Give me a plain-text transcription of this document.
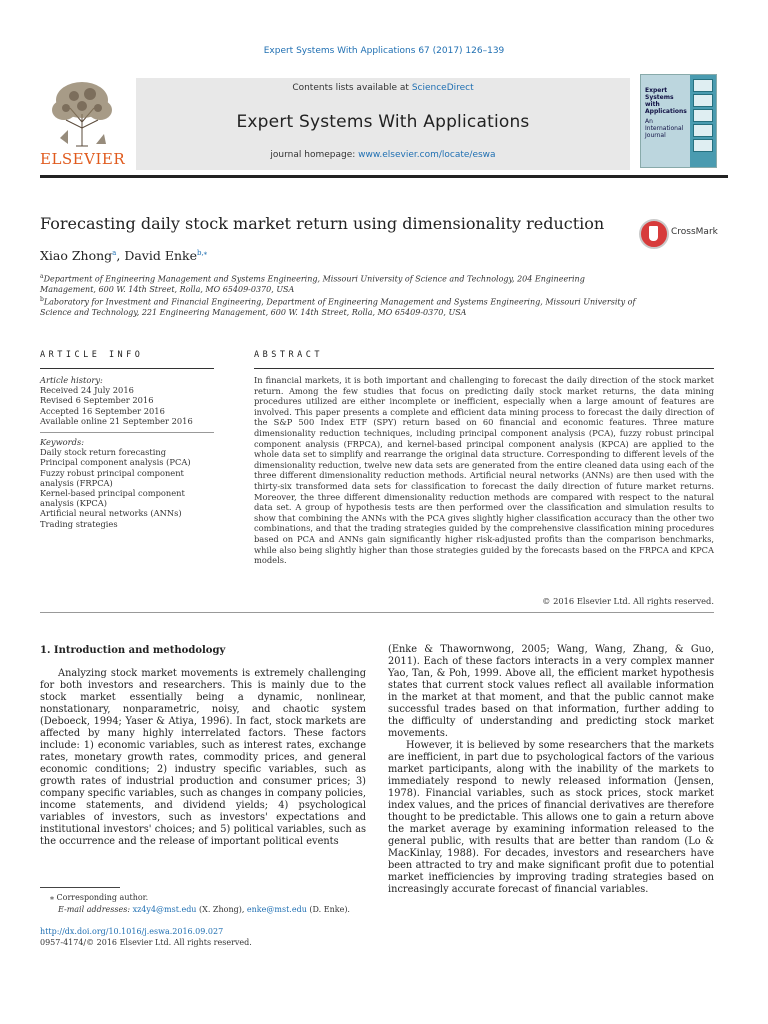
Expert Systems With Applications 67 (2017) 126–139
ELSEVIER
Contents lists available at ScienceDirect
Expert Systems With Applications
journal homepage: www.elsevier.com/locate/eswa
Expert Systems with Applications
An International Journal
Forecasting daily stock market return using dimensionality reduction	CrossMark
Xiao Zhong$^a$, David Enke$^{b,⁎}$
$^a$Department of Engineering Management and Systems Engineering, Missouri University of Science and Technology, 204 Engineering Management, 600 W. 14th Street, Rolla, MO 65409-0370, USA
$^b$Laboratory for Investment and Financial Engineering, Department of Engineering Management and Systems Engineering, Missouri University of Science and Technology, 221 Engineering Management, 600 W. 14th Street, Rolla, MO 65409-0370, USA
ARTICLE INFO	ABSTRACT
Article history:
Received 24 July 2016
Revised 6 September 2016
Accepted 16 September 2016
Available online 21 September 2016
Keywords:
Daily stock return forecasting
Principal component analysis (PCA)
Fuzzy robust principal component analysis (FRPCA)
Kernel-based principal component analysis (KPCA)
Artificial neural networks (ANNs)
Trading strategies
In financial markets, it is both important and challenging to forecast the daily direction of the stock market return. Among the few studies that focus on predicting daily stock market returns, the data mining procedures utilized are either incomplete or inefficient, especially when a large amount of features are involved. This paper presents a complete and efficient data mining process to forecast the daily direction of the S&P 500 Index ETF (SPY) return based on 60 financial and economic features. Three mature dimensionality reduction techniques, including principal component analysis (PCA), fuzzy robust principal component analysis (FRPCA), and kernel-based principal component analysis (KPCA) are applied to the whole data set to simplify and rearrange the original data structure. Corresponding to different levels of the dimensionality reduction, twelve new data sets are generated from the entire cleaned data using each of the three different dimensionality reduction methods. Artificial neural networks (ANNs) are then used with the thirty-six transformed data sets for classification to forecast the daily direction of future market returns. Moreover, the three different dimensionality reduction methods are compared with respect to the natural data set. A group of hypothesis tests are then performed over the classification and simulation results to show that combining the ANNs with the PCA gives slightly higher classification accuracy than the other two combinations, and that the trading strategies guided by the comprehensive classification mining procedures based on PCA and ANNs gain significantly higher risk-adjusted profits than the comparison benchmarks, while also being slightly higher than those strategies guided by the forecasts based on the FRPCA and KPCA models.
© 2016 Elsevier Ltd. All rights reserved.
1. Introduction and methodology
Analyzing stock market movements is extremely challenging for both investors and researchers. This is mainly due to the stock market essentially being a dynamic, nonlinear, nonstationary, nonparametric, noisy, and chaotic system (Deboeck, 1994; Yaser & Atiya, 1996). In fact, stock markets are affected by many highly interrelated factors. These factors include: 1) economic variables, such as interest rates, exchange rates, monetary growth rates, commodity prices, and general economic conditions; 2) industry specific variables, such as growth rates of industrial production and consumer prices; 3) company specific variables, such as changes in company policies, income statements, and dividend yields; 4) psychological variables of investors, such as investors' expectations and institutional investors' choices; and 5) political variables, such as the occurrence and the release of important political events

(Enke & Thawornwong, 2005; Wang, Wang, Zhang, & Guo, 2011). Each of these factors interacts in a very complex manner Yao, Tan, & Poh, 1999. Above all, the efficient market hypothesis states that current stock values reflect all available information in the market at that moment, and that the public cannot make successful trades based on that information, further adding to the difficulty of understanding and predicting stock market movements.

However, it is believed by some researchers that the markets are inefficient, in part due to psychological factors of the various market participants, along with the inability of the markets to immediately respond to newly released information (Jensen, 1978). Financial variables, such as stock prices, stock market index values, and the prices of financial derivatives are therefore thought to be predictable. This allows one to gain a return above the market average by examining information released to the general public, with results that are better than random (Lo & MacKinlay, 1988). For decades, investors and researchers have been attracted to try and make significant profit due to potential market inefficiencies by improving trading strategies based on increasingly accurate forecast of financial variables.

⁎ Corresponding author.
E-mail addresses: xz4y4@mst.edu (X. Zhong), enke@mst.edu (D. Enke).
http://dx.doi.org/10.1016/j.eswa.2016.09.027
0957-4174/© 2016 Elsevier Ltd. All rights reserved.
